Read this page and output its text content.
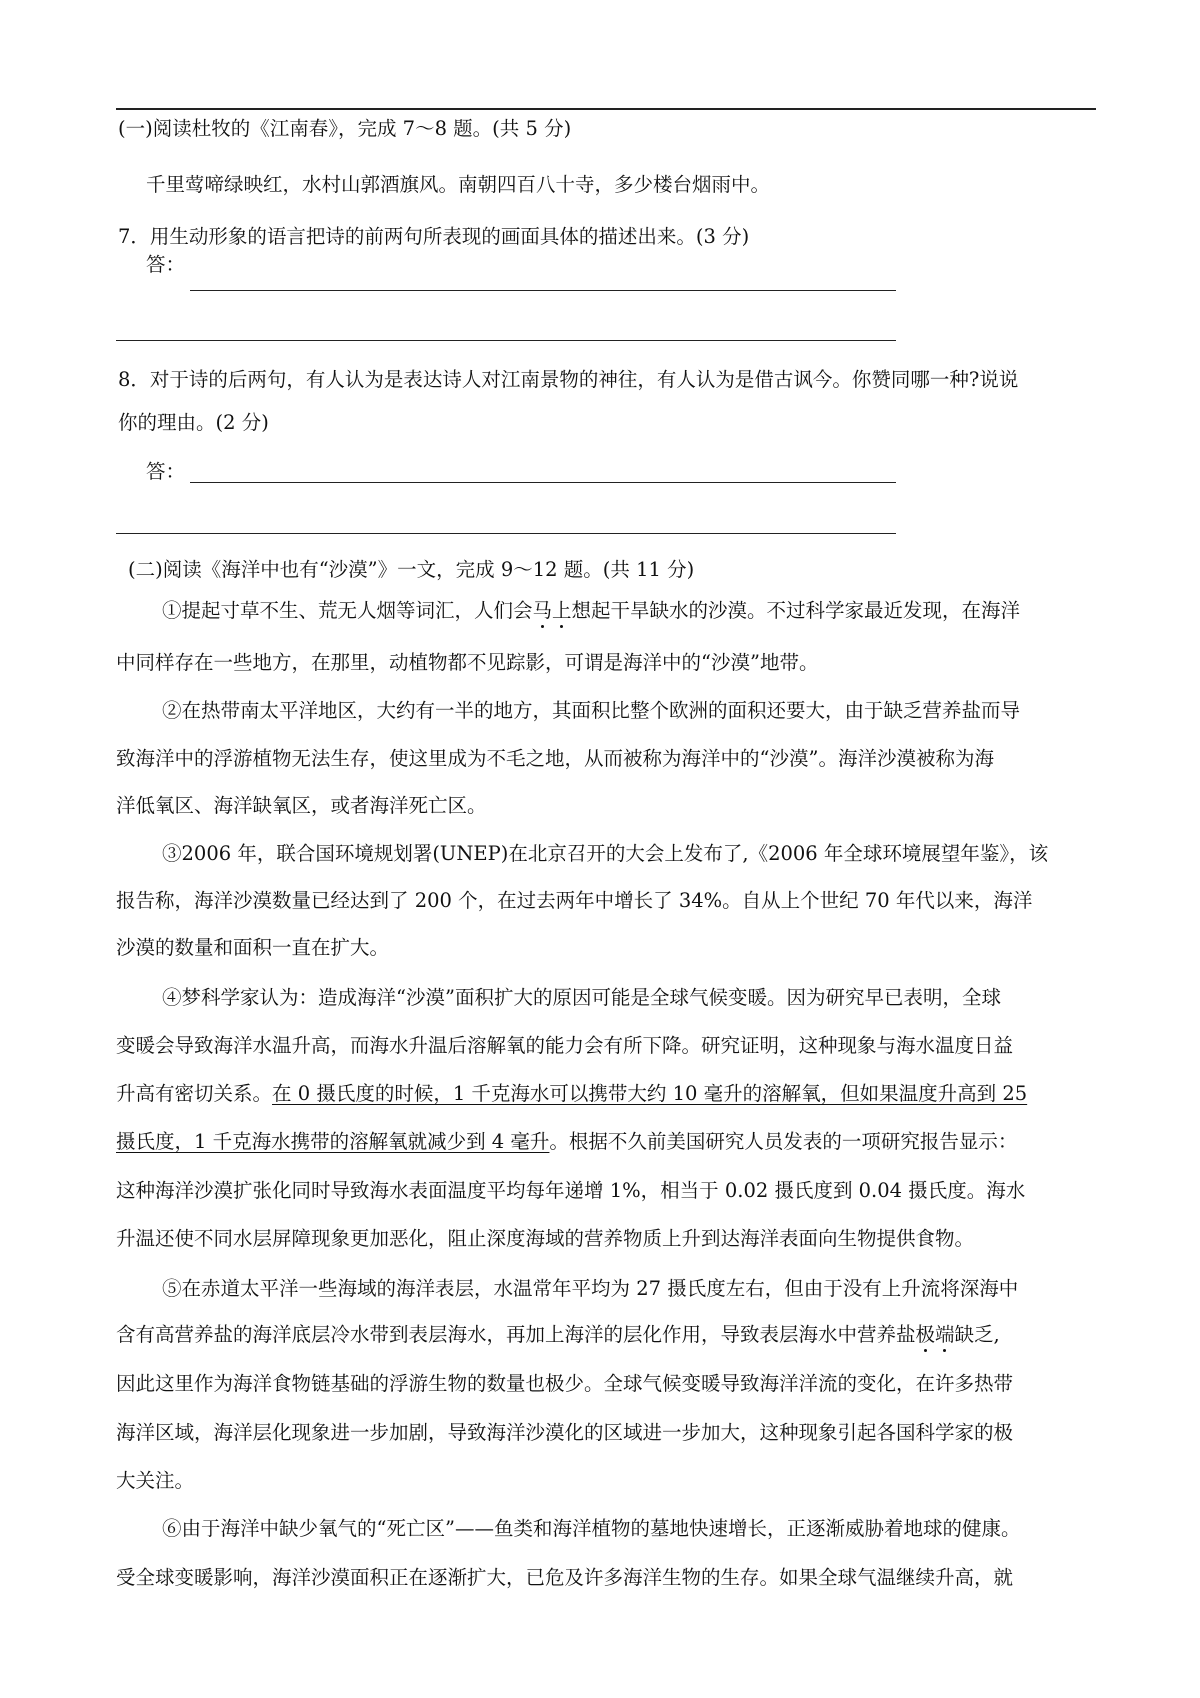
(一)阅读杜牧的《江南春》，完成 7～8 题。(共 5 分)
千里莺啼绿映红，水村山郭酒旗风。南朝四百八十寺，多少楼台烟雨中。
7．用生动形象的语言把诗的前两句所表现的画面具体的描述出来。(3 分)
答：
8．对于诗的后两句，有人认为是表达诗人对江南景物的神往，有人认为是借古讽今。你赞同哪一种?说说
你的理由。(2 分)
答：
(二)阅读《海洋中也有“沙漠”》一文，完成 9～12 题。(共 11 分)
①提起寸草不生、荒无人烟等词汇，人们会马上想起干旱缺水的沙漠。不过科学家最近发现，在海洋
中同样存在一些地方，在那里，动植物都不见踪影，可谓是海洋中的“沙漠”地带。
②在热带南太平洋地区，大约有一半的地方，其面积比整个欧洲的面积还要大，由于缺乏营养盐而导
致海洋中的浮游植物无法生存，使这里成为不毛之地，从而被称为海洋中的“沙漠”。海洋沙漠被称为海
洋低氧区、海洋缺氧区，或者海洋死亡区。
③2006 年，联合国环境规划署(UNEP)在北京召开的大会上发布了,《2006 年全球环境展望年鉴》，该
报告称，海洋沙漠数量已经达到了 200 个，在过去两年中增长了 34%。自从上个世纪 70 年代以来，海洋
沙漠的数量和面积一直在扩大。
④梦科学家认为：造成海洋“沙漠”面积扩大的原因可能是全球气候变暖。因为研究早已表明，全球
变暖会导致海洋水温升高，而海水升温后溶解氧的能力会有所下降。研究证明，这种现象与海水温度日益
升高有密切关系。在 0 摄氏度的时候，1 千克海水可以携带大约 10 毫升的溶解氧，但如果温度升高到 25
摄氏度，1 千克海水携带的溶解氧就减少到 4 毫升。根据不久前美国研究人员发表的一项研究报告显示：
这种海洋沙漠扩张化同时导致海水表面温度平均每年递增 1%，相当于 0.02 摄氏度到 0.04 摄氏度。海水
升温还使不同水层屏障现象更加恶化，阻止深度海域的营养物质上升到达海洋表面向生物提供食物。
⑤在赤道太平洋一些海域的海洋表层，水温常年平均为 27 摄氏度左右，但由于没有上升流将深海中
含有高营养盐的海洋底层冷水带到表层海水，再加上海洋的层化作用，导致表层海水中营养盐极端缺乏,
因此这里作为海洋食物链基础的浮游生物的数量也极少。全球气候变暖导致海洋洋流的变化，在许多热带
海洋区域，海洋层化现象进一步加剧，导致海洋沙漠化的区域进一步加大，这种现象引起各国科学家的极
大关注。
⑥由于海洋中缺少氧气的“死亡区”——鱼类和海洋植物的墓地快速增长，正逐渐威胁着地球的健康。
受全球变暖影响，海洋沙漠面积正在逐渐扩大，已危及许多海洋生物的生存。如果全球气温继续升高，就
